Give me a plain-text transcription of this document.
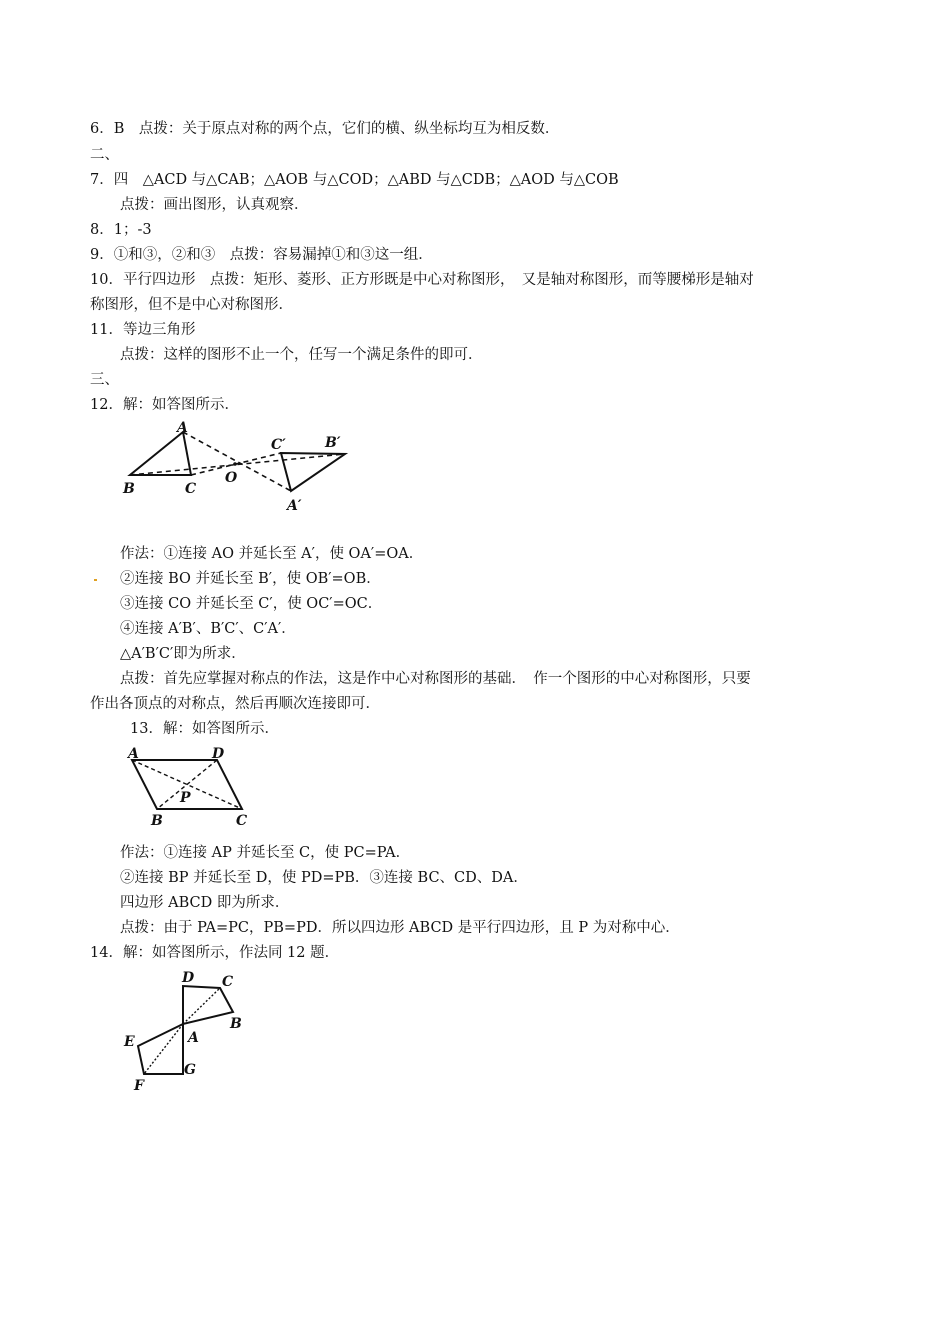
6．B　点拨：关于原点对称的两个点，它们的横、纵坐标均互为相反数．
二、
7．四　△ACD 与△CAB；△AOB 与△COD；△ABD 与△CDB；△AOD 与△COB
点拨：画出图形，认真观察．
8．1；-3
9．①和③，②和③　点拨：容易漏掉①和③这一组．
10．平行四边形　点拨：矩形、菱形、正方形既是中心对称图形，　又是轴对称图形，而等腰梯形是轴对
称图形，但不是中心对称图形．
11．等边三角形
点拨：这样的图形不止一个，任写一个满足条件的即可．
三、
12．解：如答图所示．
A
B	C
O
C′	B′
A′
作法：①连接 AO 并延长至 A′，使 OA′=OA．
②连接 BO 并延长至 B′，使 OB′=OB．
③连接 CO 并延长至 C′，使 OC′=OC．
④连接 A′B′、B′C′、C′A′．
△A′B′C′即为所求．
点拨：首先应掌握对称点的作法，这是作中心对称图形的基础．　作一个图形的中心对称图形，只要
作出各顶点的对称点，然后再顺次连接即可．
13．解：如答图所示．
A	D
P
B	C
作法：①连接 AP 并延长至 C，使 PC=PA．
②连接 BP 并延长至 D，使 PD=PB．③连接 BC、CD、DA．
四边形 ABCD 即为所求．
点拨：由于 PA=PC，PB=PD．所以四边形 ABCD 是平行四边形，且 P 为对称中心．
14．解：如答图所示，作法同 12 题．
D C
B
E	A
F
G
